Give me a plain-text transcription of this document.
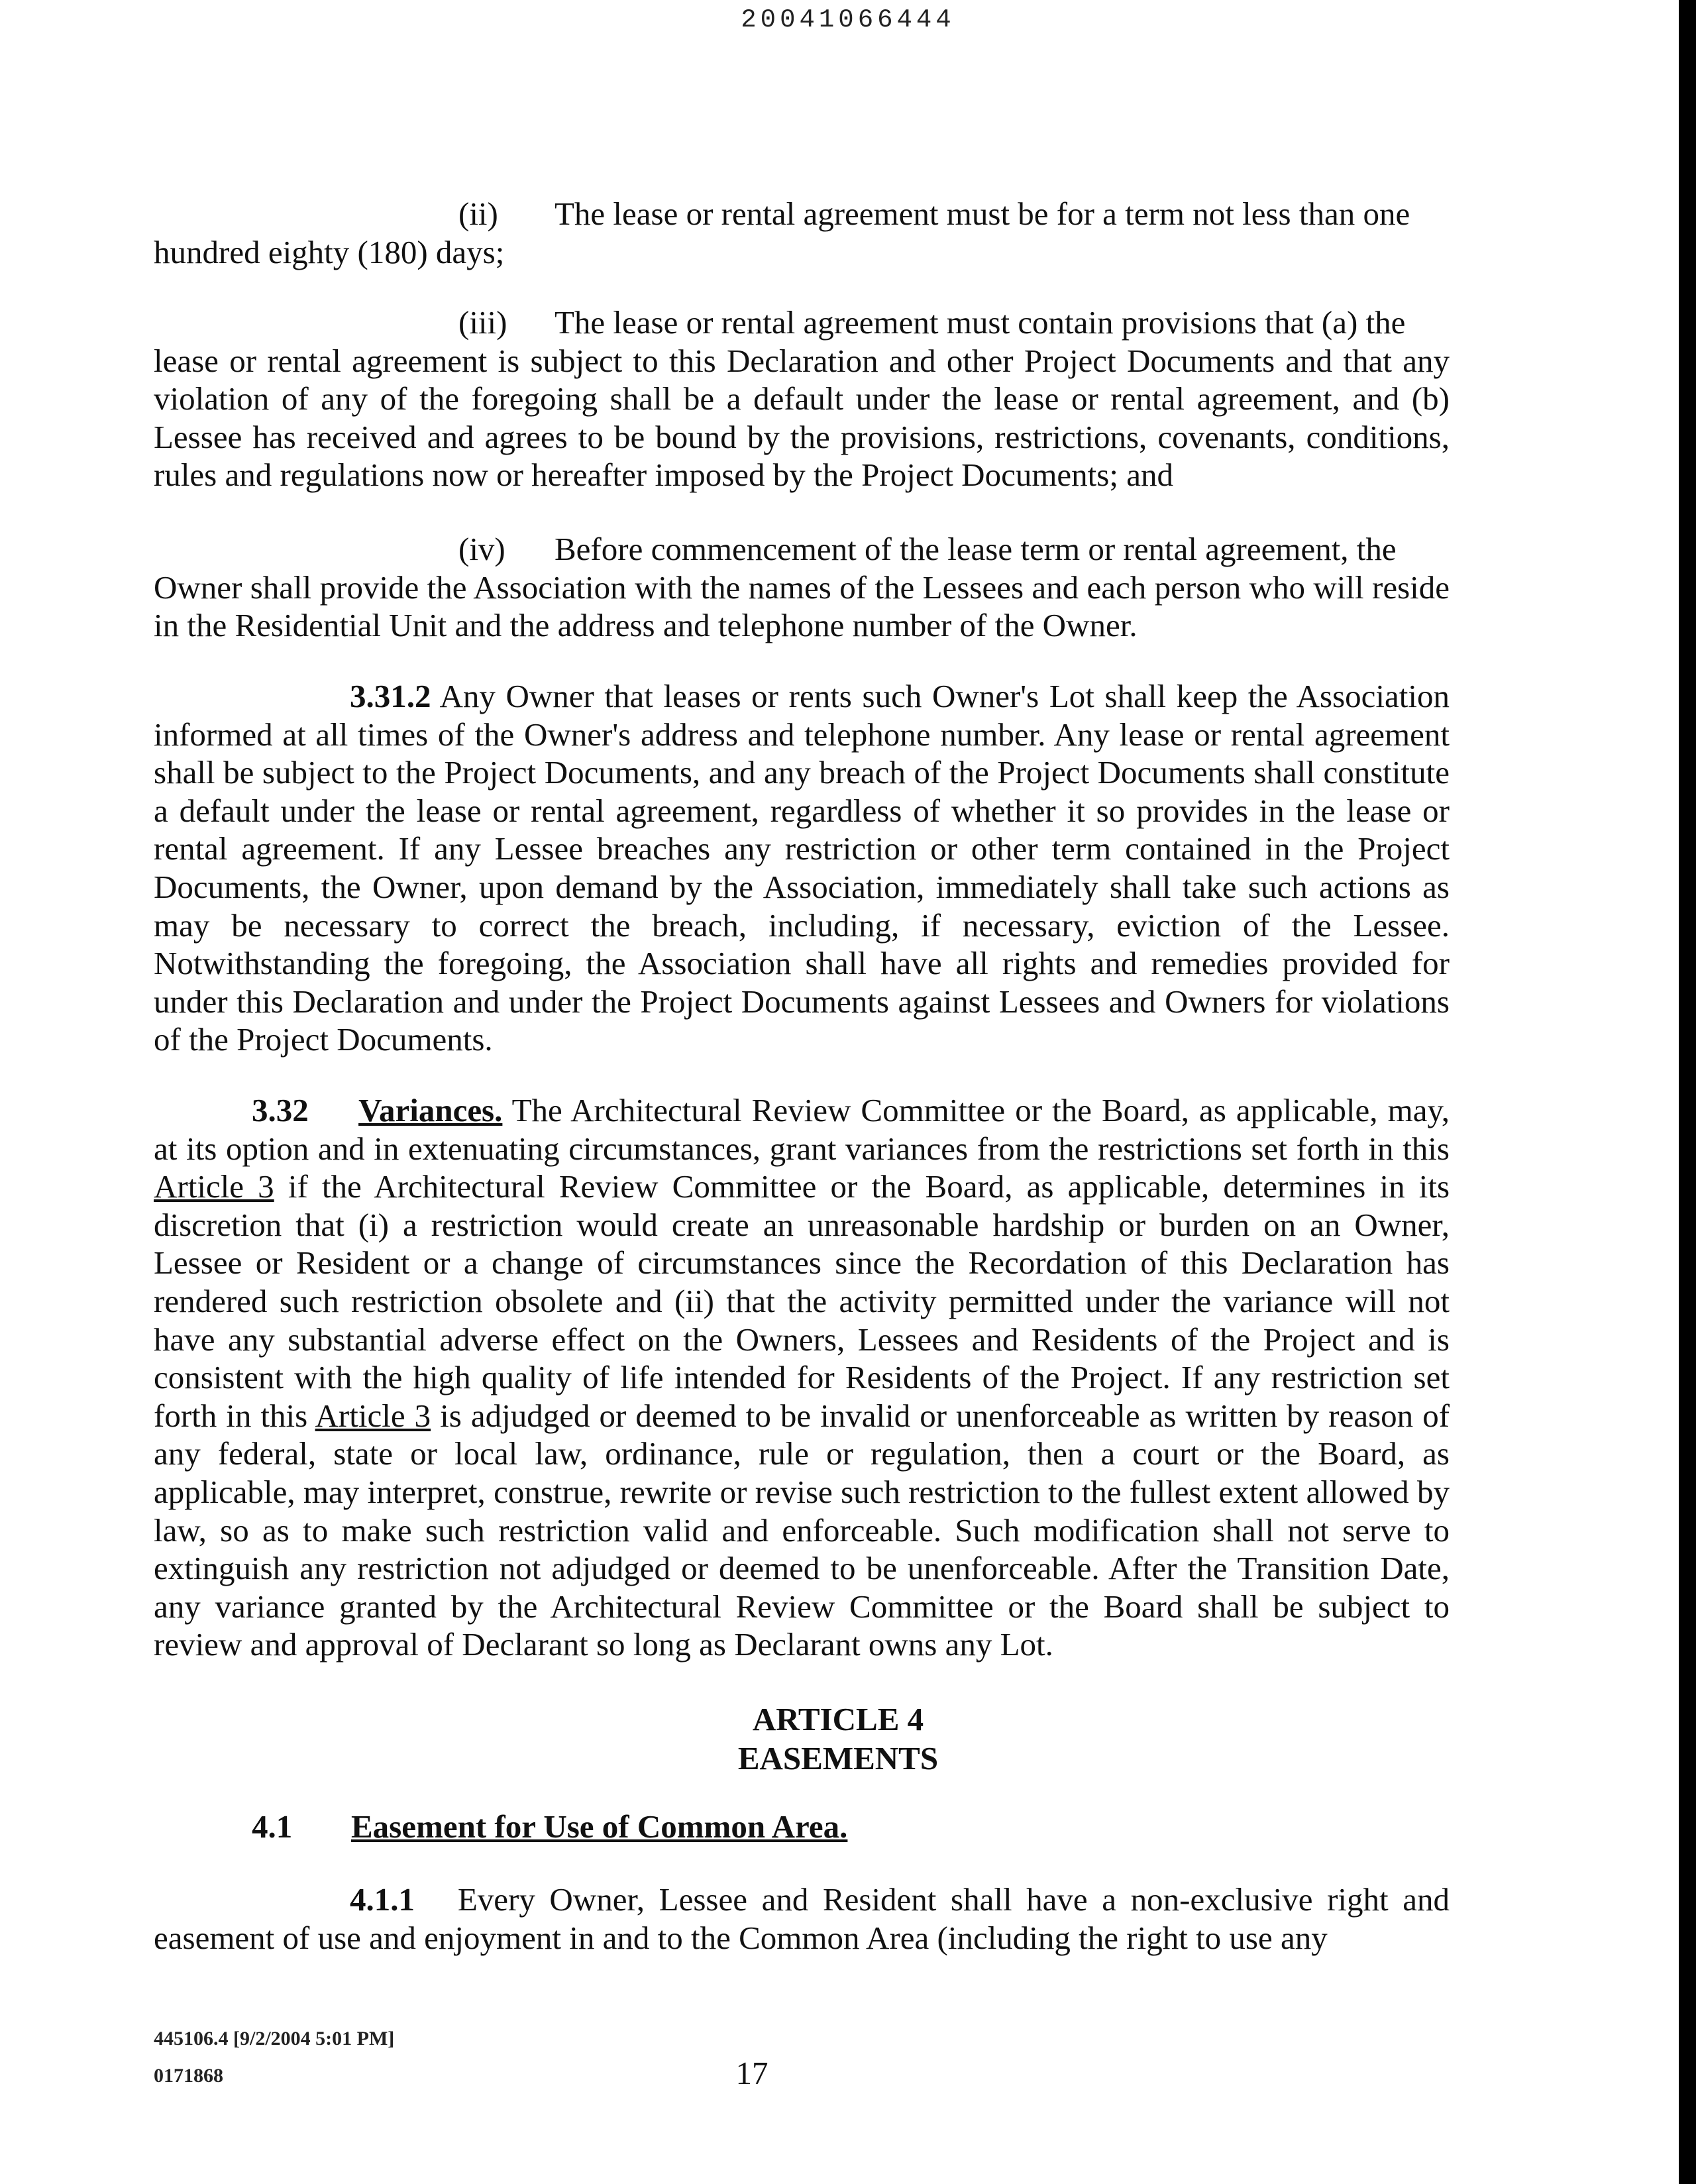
20041066444
(ii)	The lease or rental agreement must be for a term not less than one
hundred eighty (180) days;
(iii)	The lease or rental agreement must contain provisions that (a) the
lease or rental agreement is subject to this Declaration and other Project Documents and that any violation of any of the foregoing shall be a default under the lease or rental agreement, and (b) Lessee has received and agrees to be bound by the provisions, restrictions, covenants, conditions, rules and regulations now or hereafter imposed by the Project Documents; and
(iv)	Before commencement of the lease term or rental agreement, the
Owner shall provide the Association with the names of the Lessees and each person who will reside in the Residential Unit and the address and telephone number of the Owner.

3.31.2 Any Owner that leases or rents such Owner's Lot shall keep the Association informed at all times of the Owner's address and telephone number. Any lease or rental agreement shall be subject to the Project Documents, and any breach of the Project Documents shall constitute a default under the lease or rental agreement, regardless of whether it so provides in the lease or rental agreement. If any Lessee breaches any restriction or other term contained in the Project Documents, the Owner, upon demand by the Association, immediately shall take such actions as may be necessary to correct the breach, including, if necessary, eviction of the Lessee. Notwithstanding the foregoing, the Association shall have all rights and remedies provided for under this Declaration and under the Project Documents against Lessees and Owners for violations of the Project Documents.

3.32 Variances. The Architectural Review Committee or the Board, as applicable, may, at its option and in extenuating circumstances, grant variances from the restrictions set forth in this Article 3 if the Architectural Review Committee or the Board, as applicable, determines in its discretion that (i) a restriction would create an unreasonable hardship or burden on an Owner, Lessee or Resident or a change of circumstances since the Recordation of this Declaration has rendered such restriction obsolete and (ii) that the activity permitted under the variance will not have any substantial adverse effect on the Owners, Lessees and Residents of the Project and is consistent with the high quality of life intended for Residents of the Project. If any restriction set forth in this Article 3 is adjudged or deemed to be invalid or unenforceable as written by reason of any federal, state or local law, ordinance, rule or regulation, then a court or the Board, as applicable, may interpret, construe, rewrite or revise such restriction to the fullest extent allowed by law, so as to make such restriction valid and enforceable. Such modification shall not serve to extinguish any restriction not adjudged or deemed to be unenforceable. After the Transition Date, any variance granted by the Architectural Review Committee or the Board shall be subject to review and approval of Declarant so long as Declarant owns any Lot.

ARTICLE 4
EASEMENTS
4.1 Easement for Use of Common Area.

4.1.1 Every Owner, Lessee and Resident shall have a non-exclusive right and easement of use and enjoyment in and to the Common Area (including the right to use any

445106.4 [9/2/2004 5:01 PM]
0171868	17
